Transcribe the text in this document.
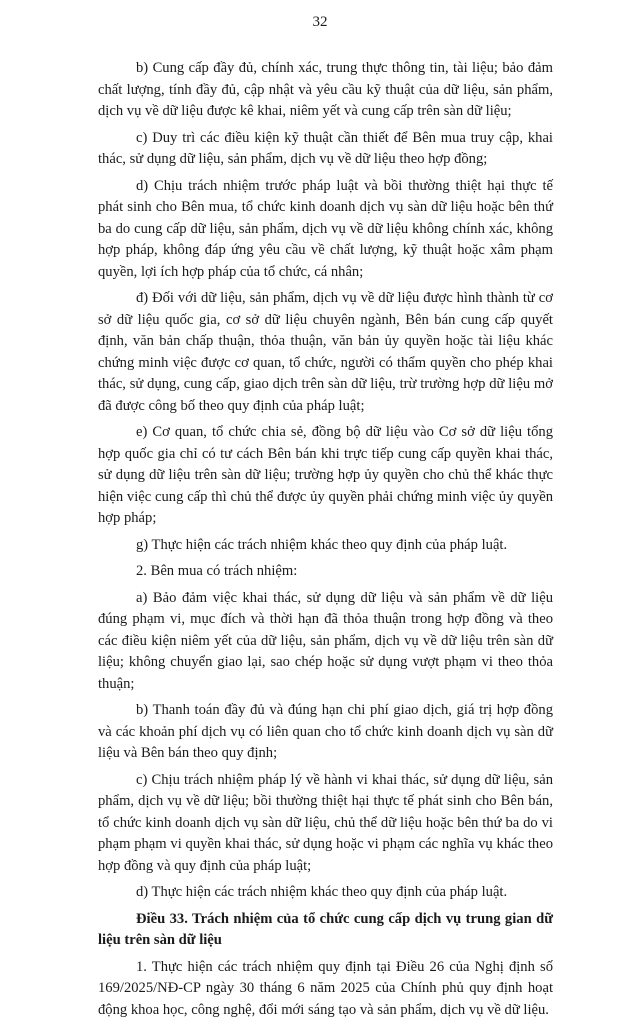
32

b) Cung cấp đầy đủ, chính xác, trung thực thông tin, tài liệu; bảo đảm chất lượng, tính đầy đủ, cập nhật và yêu cầu kỹ thuật của dữ liệu, sản phẩm, dịch vụ về dữ liệu được kê khai, niêm yết và cung cấp trên sàn dữ liệu;

c) Duy trì các điều kiện kỹ thuật cần thiết để Bên mua truy cập, khai thác, sử dụng dữ liệu, sản phẩm, dịch vụ về dữ liệu theo hợp đồng;

d) Chịu trách nhiệm trước pháp luật và bồi thường thiệt hại thực tế phát sinh cho Bên mua, tổ chức kinh doanh dịch vụ sàn dữ liệu hoặc bên thứ ba do cung cấp dữ liệu, sản phẩm, dịch vụ về dữ liệu không chính xác, không hợp pháp, không đáp ứng yêu cầu về chất lượng, kỹ thuật hoặc xâm phạm quyền, lợi ích hợp pháp của tổ chức, cá nhân;

đ) Đối với dữ liệu, sản phẩm, dịch vụ về dữ liệu được hình thành từ cơ sở dữ liệu quốc gia, cơ sở dữ liệu chuyên ngành, Bên bán cung cấp quyết định, văn bản chấp thuận, thỏa thuận, văn bản ủy quyền hoặc tài liệu khác chứng minh việc được cơ quan, tổ chức, người có thẩm quyền cho phép khai thác, sử dụng, cung cấp, giao dịch trên sàn dữ liệu, trừ trường hợp dữ liệu mở đã được công bố theo quy định của pháp luật;

e) Cơ quan, tổ chức chia sẻ, đồng bộ dữ liệu vào Cơ sở dữ liệu tổng hợp quốc gia chỉ có tư cách Bên bán khi trực tiếp cung cấp quyền khai thác, sử dụng dữ liệu trên sàn dữ liệu; trường hợp ủy quyền cho chủ thể khác thực hiện việc cung cấp thì chủ thể được ủy quyền phải chứng minh việc ủy quyền hợp pháp;

g) Thực hiện các trách nhiệm khác theo quy định của pháp luật.

2. Bên mua có trách nhiệm:

a) Bảo đảm việc khai thác, sử dụng dữ liệu và sản phẩm về dữ liệu đúng phạm vi, mục đích và thời hạn đã thỏa thuận trong hợp đồng và theo các điều kiện niêm yết của dữ liệu, sản phẩm, dịch vụ về dữ liệu trên sàn dữ liệu; không chuyển giao lại, sao chép hoặc sử dụng vượt phạm vi theo thỏa thuận;

b) Thanh toán đầy đủ và đúng hạn chi phí giao dịch, giá trị hợp đồng và các khoản phí dịch vụ có liên quan cho tổ chức kinh doanh dịch vụ sàn dữ liệu và Bên bán theo quy định;

c) Chịu trách nhiệm pháp lý về hành vi khai thác, sử dụng dữ liệu, sản phẩm, dịch vụ về dữ liệu; bồi thường thiệt hại thực tế phát sinh cho Bên bán, tổ chức kinh doanh dịch vụ sàn dữ liệu, chủ thể dữ liệu hoặc bên thứ ba do vi phạm phạm vi quyền khai thác, sử dụng hoặc vi phạm các nghĩa vụ khác theo hợp đồng và quy định của pháp luật;

d) Thực hiện các trách nhiệm khác theo quy định của pháp luật.

Điều 33. Trách nhiệm của tổ chức cung cấp dịch vụ trung gian dữ liệu trên sàn dữ liệu

1. Thực hiện các trách nhiệm quy định tại Điều 26 của Nghị định số 169/2025/NĐ-CP ngày 30 tháng 6 năm 2025 của Chính phủ quy định hoạt động khoa học, công nghệ, đổi mới sáng tạo và sản phẩm, dịch vụ về dữ liệu.
